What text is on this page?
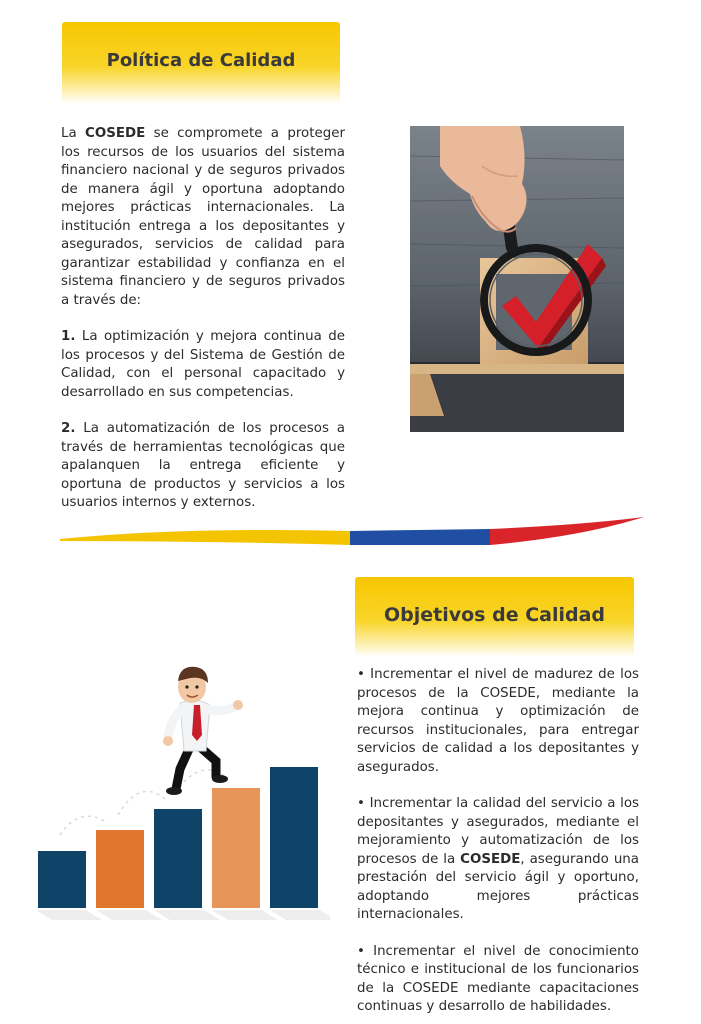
Política de Calidad

La COSEDE se compromete a proteger los recursos de los usuarios del sistema financiero nacional y de seguros privados de manera ágil y oportuna adoptando mejores prácticas internacionales. La institución entrega a los depositantes y asegurados, servicios de calidad para garantizar estabilidad y confianza en el sistema financiero y de seguros privados a través de:

1. La optimización y mejora continua de los procesos y del Sistema de Gestión de Calidad, con el personal capacitado y desarrollado en sus competencias.

2. La automatización de los procesos a través de herramientas tecnológicas que apalanquen la entrega eficiente y oportuna de productos y servicios a los usuarios internos y externos.

Objetivos de Calidad

• Incrementar el nivel de madurez de los procesos de la COSEDE, mediante la mejora continua y optimización de recursos institucionales, para entregar servicios de calidad a los depositantes y asegurados.

• Incrementar la calidad del servicio a los depositantes y asegurados, mediante el mejoramiento y automatización de los procesos de la COSEDE, asegurando una prestación del servicio ágil y oportuno, adoptando mejores prácticas internacionales.

• Incrementar el nivel de conocimiento técnico e institucional de los funcionarios de la COSEDE mediante capacitaciones continuas y desarrollo de habilidades.
